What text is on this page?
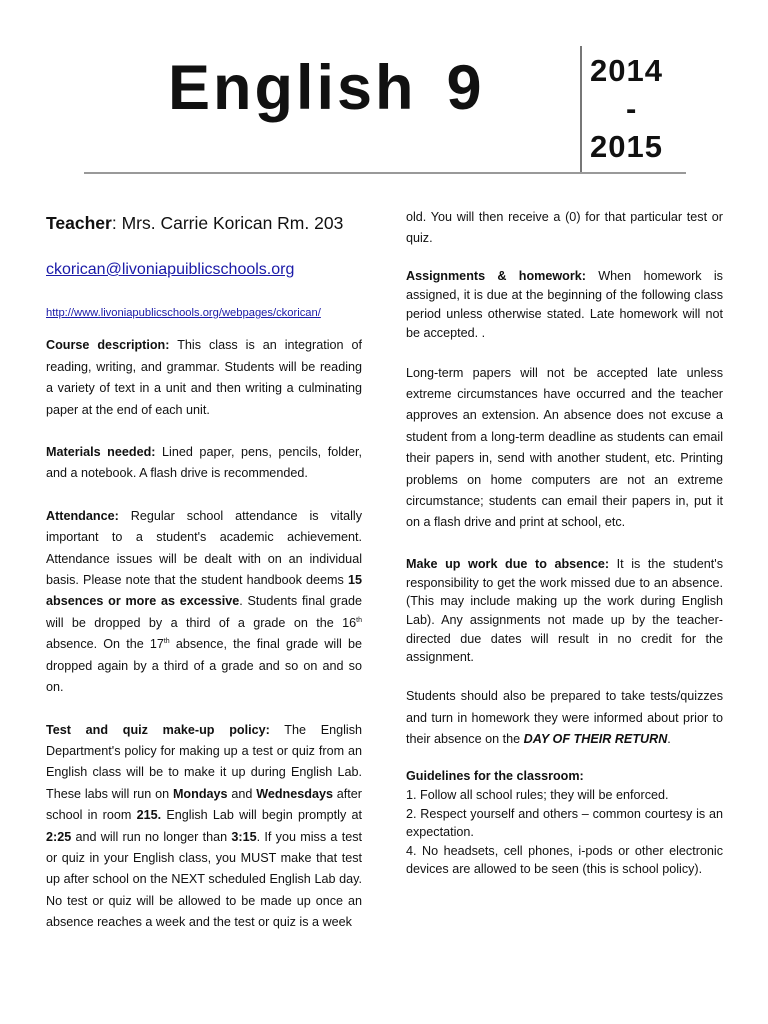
English 9	2014
-
2015
Teacher: Mrs. Carrie Korican Rm. 203
ckorican@livoniapuiblicschools.org
http://www.livoniapublicschools.org/webpages/ckorican/

Course description: This class is an integration of reading, writing, and grammar. Students will be reading a variety of text in a unit and then writing a culminating paper at the end of each unit.

Materials needed: Lined paper, pens, pencils, folder, and a notebook. A flash drive is recommended.

Attendance: Regular school attendance is vitally important to a student's academic achievement. Attendance issues will be dealt with on an individual basis. Please note that the student handbook deems 15 absences or more as excessive. Students final grade will be dropped by a third of a grade on the 16th absence. On the 17th absence, the final grade will be dropped again by a third of a grade and so on and so on.

Test and quiz make-up policy: The English Department's policy for making up a test or quiz from an English class will be to make it up during English Lab. These labs will run on Mondays and Wednesdays after school in room 215. English Lab will begin promptly at 2:25 and will run no longer than 3:15. If you miss a test or quiz in your English class, you MUST make that test up after school on the NEXT scheduled English Lab day. No test or quiz will be allowed to be made up once an absence reaches a week and the test or quiz is a week

old. You will then receive a (0) for that particular test or quiz.

Assignments & homework: When homework is assigned, it is due at the beginning of the following class period unless otherwise stated. Late homework will not be accepted. .

Long-term papers will not be accepted late unless extreme circumstances have occurred and the teacher approves an extension. An absence does not excuse a student from a long-term deadline as students can email their papers in, send with another student, etc. Printing problems on home computers are not an extreme circumstance; students can email their papers in, put it on a flash drive and print at school, etc.

Make up work due to absence: It is the student's responsibility to get the work missed due to an absence. (This may include making up the work during English Lab). Any assignments not made up by the teacher-directed due dates will result in no credit for the assignment.

Students should also be prepared to take tests/quizzes and turn in homework they were informed about prior to their absence on the DAY OF THEIR RETURN.

Guidelines for the classroom:

1. Follow all school rules; they will be enforced.

2. Respect yourself and others – common courtesy is an expectation.

4. No headsets, cell phones, i-pods or other electronic devices are allowed to be seen (this is school policy).
